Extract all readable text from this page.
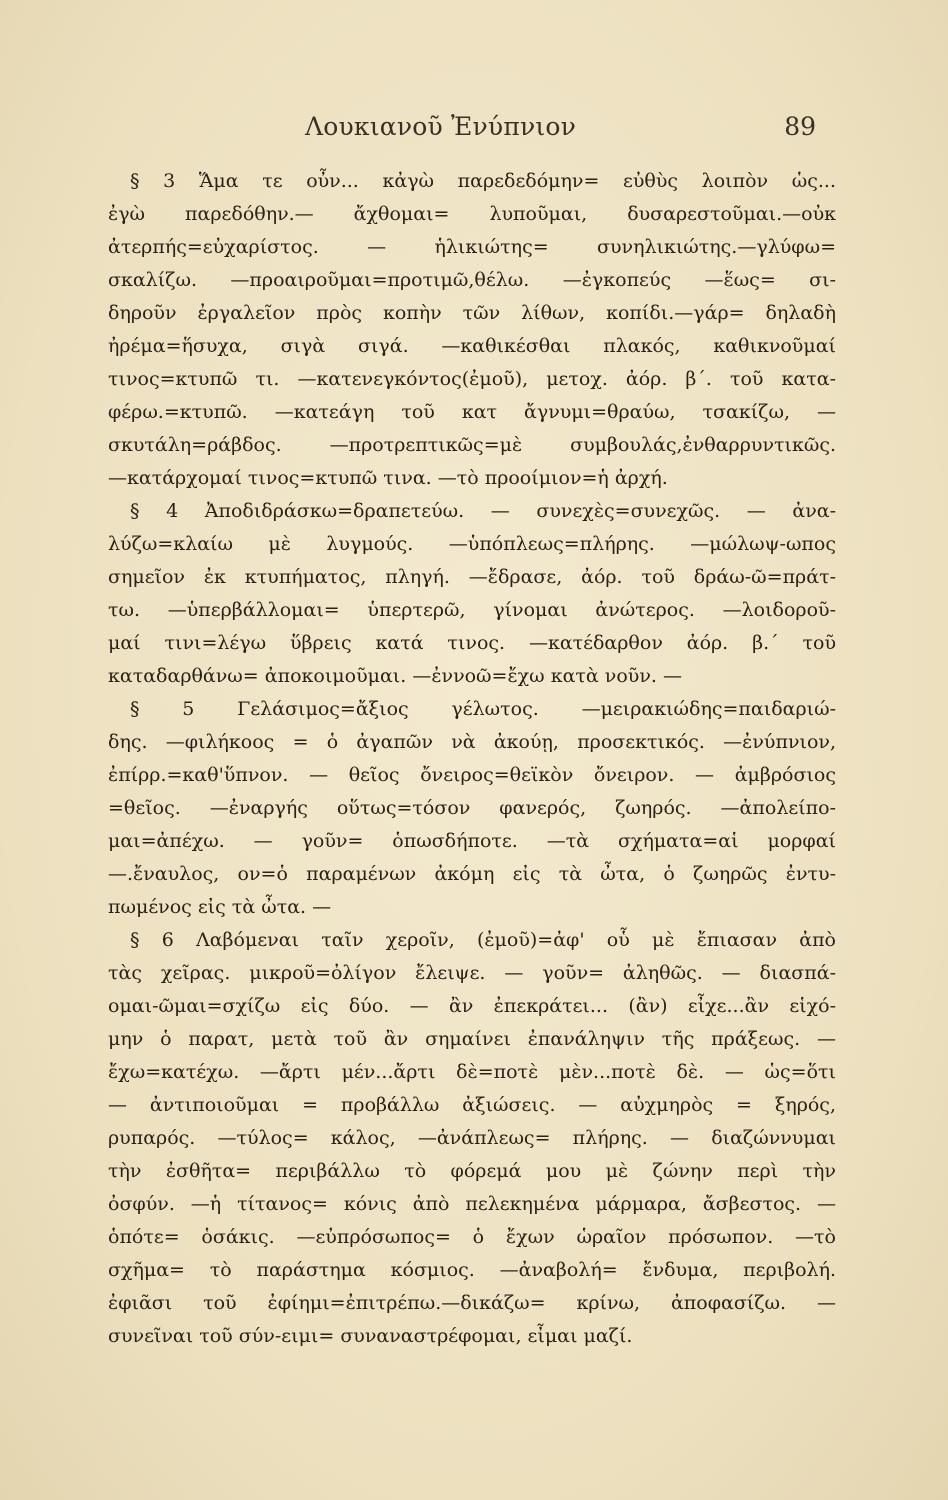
Λουκιανοῦ Ἐνύπνιον	89
§ 3 Ἅμα τε οὖν... κἀγὼ παρεδεδόμην= εὐθὺς λοιπὸν ὡς...
ἐγὼ παρεδόθην.— ἄχθομαι= λυποῦμαι, δυσαρεστοῦμαι.—οὐκ
ἀτερπής=εὐχαρίστος. — ἡλικιώτης= συνηλικιώτης.—γλύφω=
σκαλίζω. —προαιροῦμαι=προτιμῶ,θέλω. —ἐγκοπεύς —ἕως= σι-
δηροῦν ἐργαλεῖον πρὸς κοπὴν τῶν λίθων, κοπίδι.—γάρ= δηλαδὴ
ἠρέμα=ἥσυχα, σιγὰ σιγά. —καθικέσθαι πλακός, καθικνοῦμαί
τινος=κτυπῶ τι. —κατενεγκόντος(ἐμοῦ), μετοχ. ἀόρ. β΄. τοῦ κατα-
φέρω.=κτυπῶ. —κατεάγη τοῦ κατ ἄγνυμι=θραύω, τσακίζω, —
σκυτάλη=ράβδος. —προτρεπτικῶς=μὲ συμβουλάς,ἐνθαρρυντικῶς.
—κατάρχομαί τινος=κτυπῶ τινα. —τὸ προοίμιον=ἡ ἀρχή.
§ 4 Ἀποδιδράσκω=δραπετεύω. — συνεχὲς=συνεχῶς. — ἀνα-
λύζω=κλαίω μὲ λυγμούς. —ὑπόπλεως=πλήρης. —μώλωψ-ωπος
σημεῖον ἐκ κτυπήματος, πληγή. —ἔδρασε, ἀόρ. τοῦ δράω-ῶ=πράτ-
τω. —ὑπερβάλλομαι= ὑπερτερῶ, γίνομαι ἀνώτερος. —λοιδοροῦ-
μαί τινι=λέγω ὕβρεις κατά τινος. —κατέδαρθον ἀόρ. β.΄ τοῦ
καταδαρθάνω= ἀποκοιμοῦμαι. —ἐννοῶ=ἔχω κατὰ νοῦν. —
§ 5 Γελάσιμος=ἄξιος γέλωτος. —μειρακιώδης=παιδαριώ-
δης. —φιλήκοος = ὁ ἀγαπῶν νὰ ἀκούῃ, προσεκτικός. —ἐνύπνιον,
ἐπίρρ.=καθ'ὕπνον. — θεῖος ὄνειρος=θεϊκὸν ὄνειρον. — ἀμβρόσιος
=θεῖος. —ἐναργής οὕτως=τόσον φανερός, ζωηρός. —ἀπολείπο-
μαι=ἀπέχω. — γοῦν= ὁπωσδήποτε. —τὰ σχήματα=αἱ μορφαί
—.ἔναυλος, ον=ὁ παραμένων ἀκόμη εἰς τὰ ὦτα, ὁ ζωηρῶς ἐντυ-
πωμένος εἰς τὰ ὦτα. —
§ 6 Λαβόμεναι ταῖν χεροῖν, (ἐμοῦ)=ἀφ' οὗ μὲ ἔπιασαν ἀπὸ
τὰς χεῖρας. μικροῦ=ὀλίγον ἔλειψε. — γοῦν= ἀληθῶς. — διασπά-
ομαι-ῶμαι=σχίζω εἰς δύο. — ἂν ἐπεκράτει... (ἂν) εἶχε...ἂν εἱχό-
μην ὁ παρατ, μετὰ τοῦ ἂν σημαίνει ἐπανάληψιν τῆς πράξεως. —
ἔχω=κατέχω. —ἄρτι μέν...ἄρτι δὲ=ποτὲ μὲν...ποτὲ δὲ. — ὡς=ὅτι
— ἀντιποιοῦμαι = προβάλλω ἀξιώσεις. — αὐχμηρὸς = ξηρός,
ρυπαρός. —τύλος= κάλος, —ἀνάπλεως= πλήρης. — διαζώννυμαι
τὴν ἐσθῆτα= περιβάλλω τὸ φόρεμά μου μὲ ζώνην περὶ τὴν
ὀσφύν. —ἡ τίτανος= κόνις ἀπὸ πελεκημένα μάρμαρα, ἄσβεστος. —
ὁπότε= ὁσάκις. —εὐπρόσωπος= ὁ ἔχων ὡραῖον πρόσωπον. —τὸ
σχῆμα= τὸ παράστημα κόσμιος. —ἀναβολή= ἔνδυμα, περιβολή.
ἐφιᾶσι τοῦ ἐφίημι=ἐπιτρέπω.—δικάζω= κρίνω, ἀποφασίζω. —
συνεῖναι τοῦ σύν-ειμι= συναναστρέφομαι, εἶμαι μαζί.
